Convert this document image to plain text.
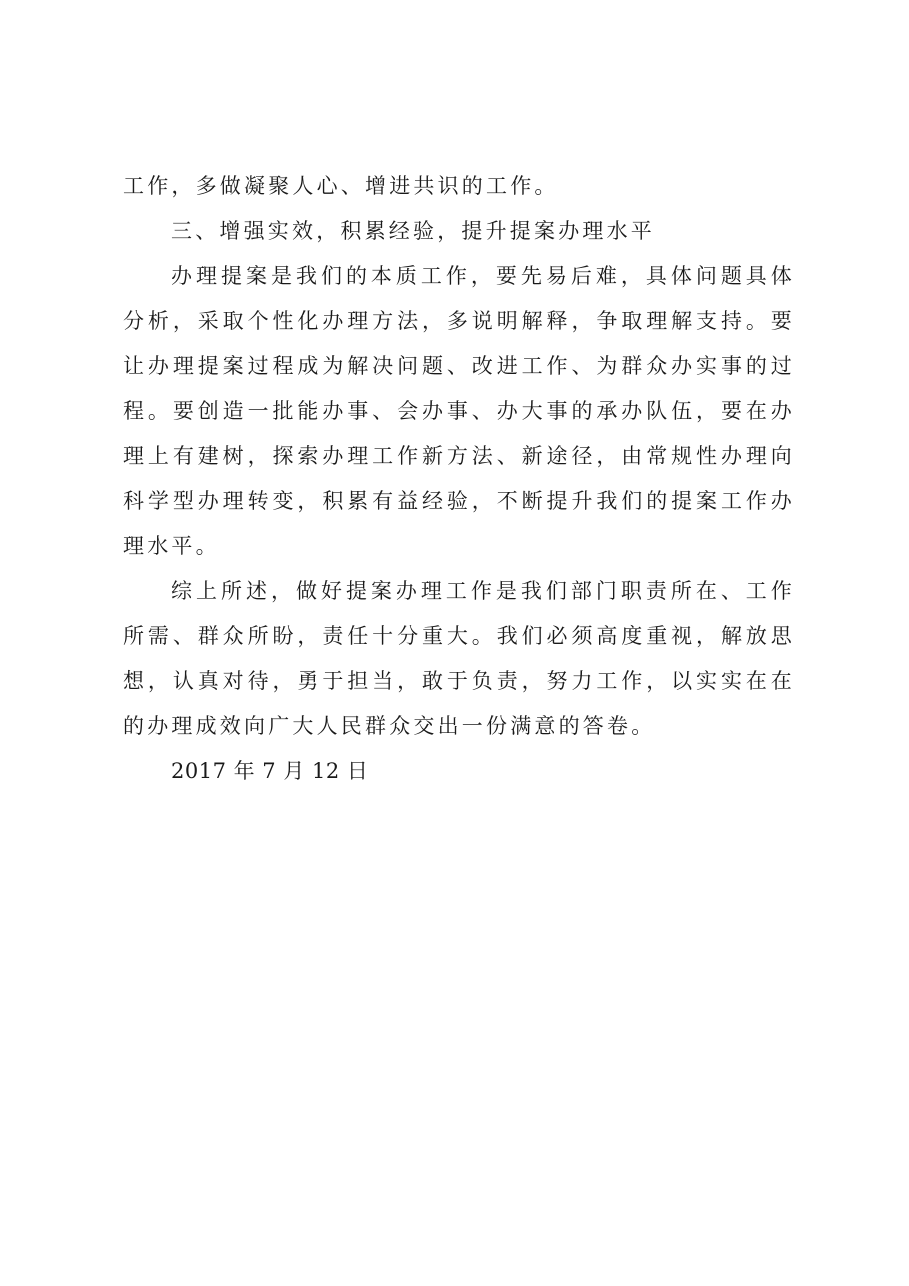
工作，多做凝聚人心、增进共识的工作。

三、增强实效，积累经验，提升提案办理水平

办理提案是我们的本质工作，要先易后难，具体问题具体分析，采取个性化办理方法，多说明解释，争取理解支持。要让办理提案过程成为解决问题、改进工作、为群众办实事的过程。要创造一批能办事、会办事、办大事的承办队伍，要在办理上有建树，探索办理工作新方法、新途径，由常规性办理向科学型办理转变，积累有益经验，不断提升我们的提案工作办理水平。

综上所述，做好提案办理工作是我们部门职责所在、工作所需、群众所盼，责任十分重大。我们必须高度重视，解放思想，认真对待，勇于担当，敢于负责，努力工作，以实实在在的办理成效向广大人民群众交出一份满意的答卷。

2017 年 7 月 12 日
